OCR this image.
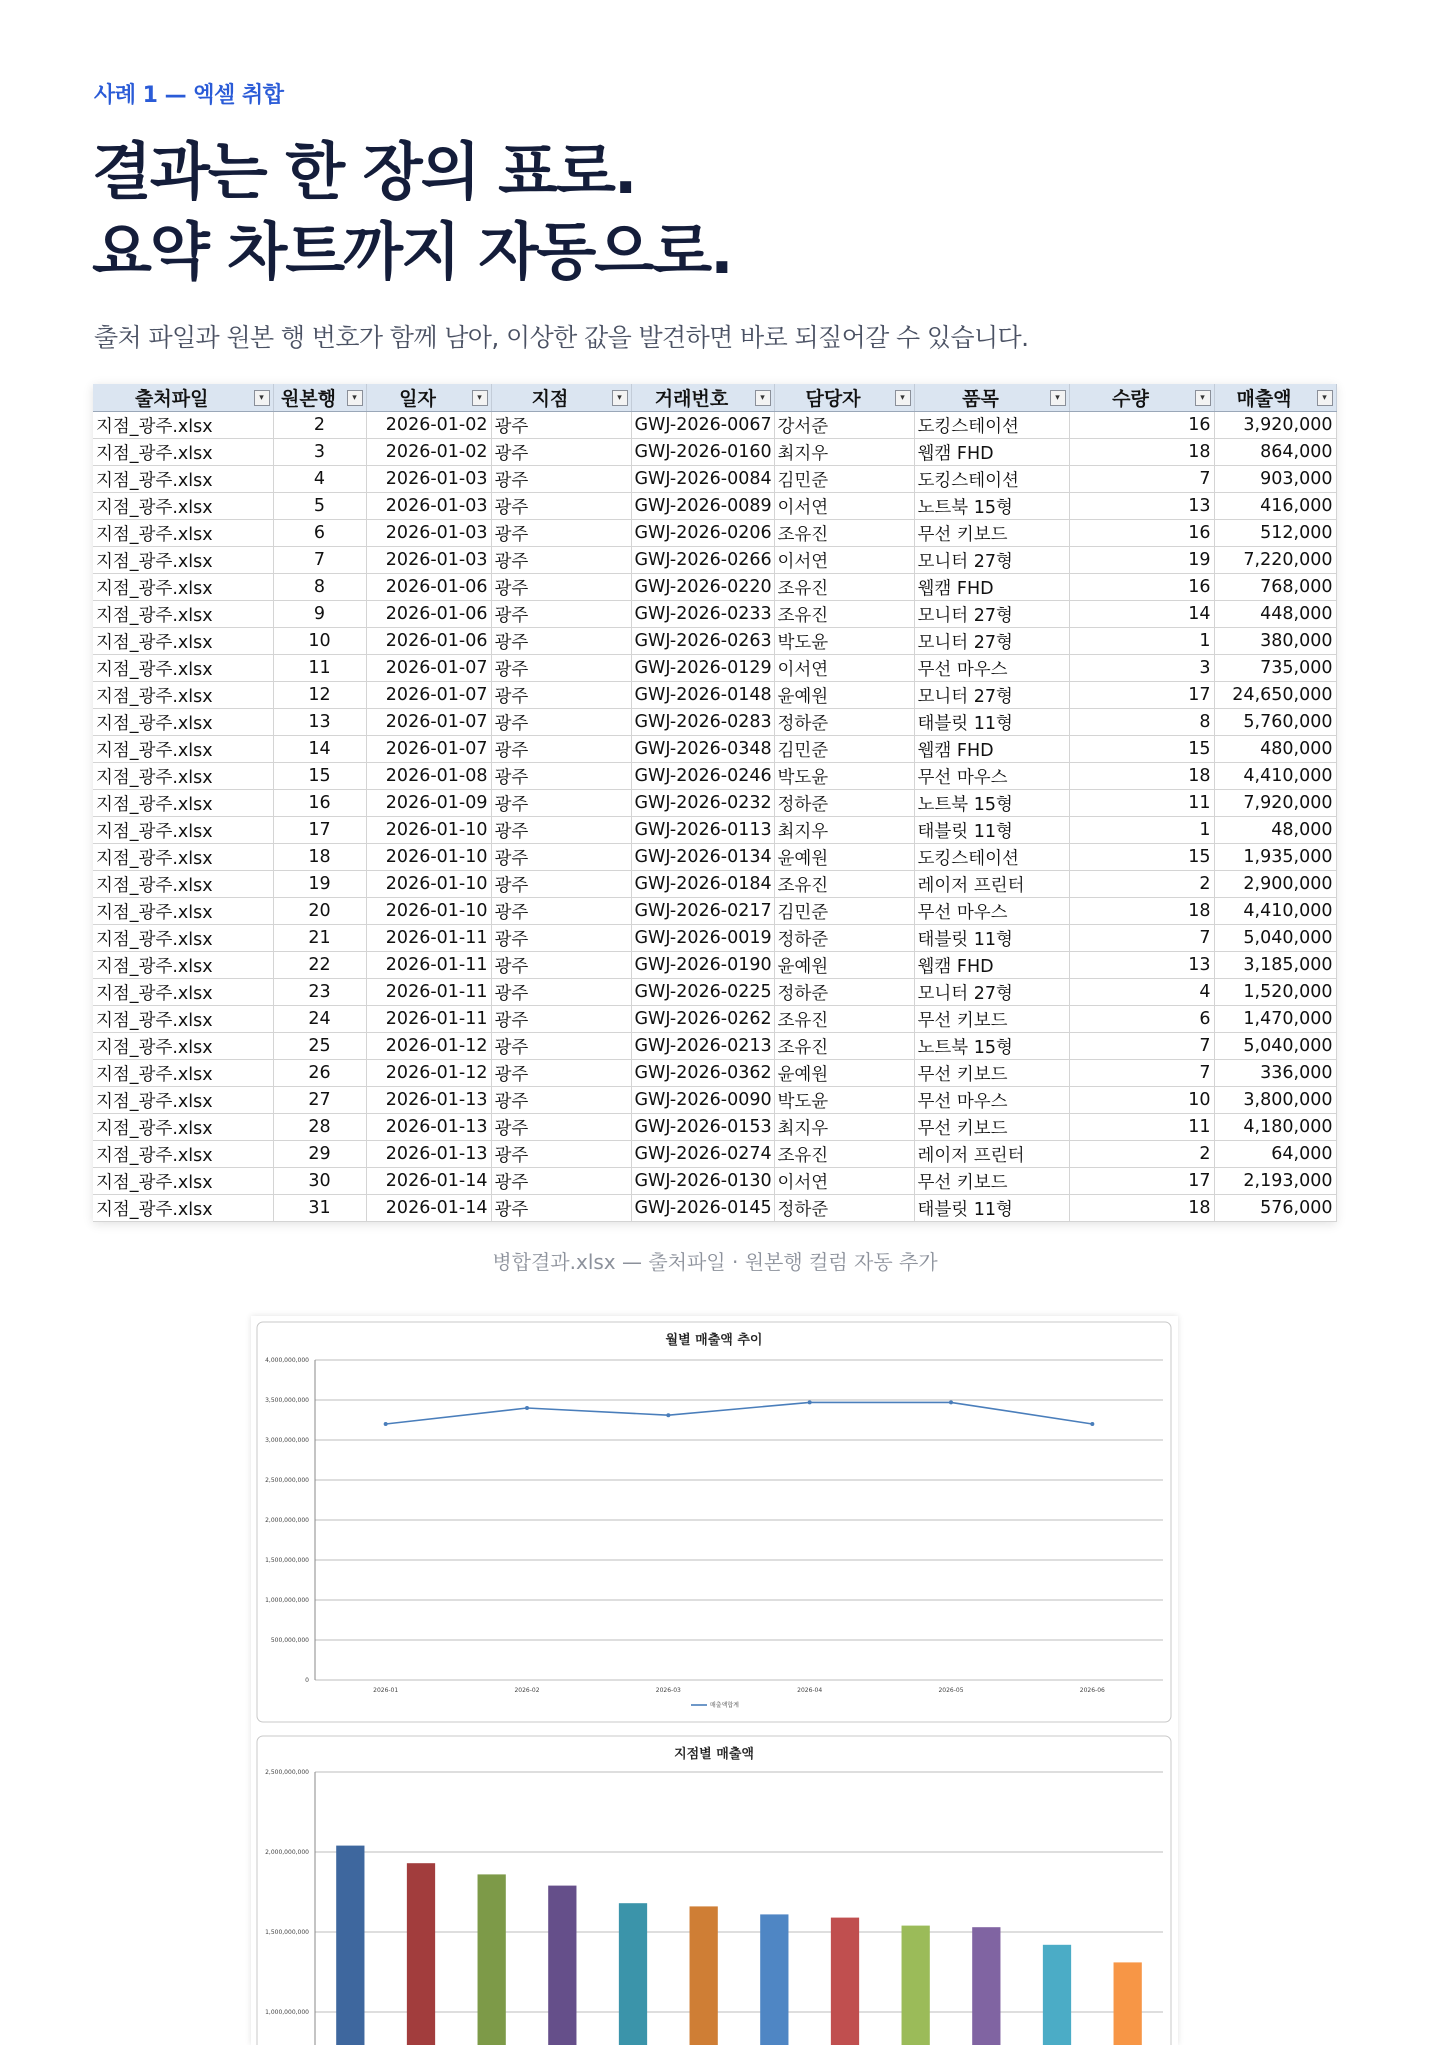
사례 1 — 엑셀 취합
결과는 한 장의 표로.
요약 차트까지 자동으로.
출처 파일과 원본 행 번호가 함께 남아, 이상한 값을 발견하면 바로 되짚어갈 수 있습니다.
출처파일 ▾	원본행 ▾	일자 ▾	지점 ▾	거래번호 ▾	담당자 ▾	품목 ▾	수량 ▾	매출액 ▾

지점_광주.xlsx	2	2026-01-02	광주	GWJ-2026-0067	강서준	도킹스테이션	16	3,920,000
지점_광주.xlsx	3	2026-01-02	광주	GWJ-2026-0160	최지우	웹캠 FHD	18	864,000
지점_광주.xlsx	4	2026-01-03	광주	GWJ-2026-0084	김민준	도킹스테이션	7	903,000
지점_광주.xlsx	5	2026-01-03	광주	GWJ-2026-0089	이서연	노트북 15형	13	416,000
지점_광주.xlsx	6	2026-01-03	광주	GWJ-2026-0206	조유진	무선 키보드	16	512,000
지점_광주.xlsx	7	2026-01-03	광주	GWJ-2026-0266	이서연	모니터 27형	19	7,220,000
지점_광주.xlsx	8	2026-01-06	광주	GWJ-2026-0220	조유진	웹캠 FHD	16	768,000
지점_광주.xlsx	9	2026-01-06	광주	GWJ-2026-0233	조유진	모니터 27형	14	448,000
지점_광주.xlsx	10	2026-01-06	광주	GWJ-2026-0263	박도윤	모니터 27형	1	380,000
지점_광주.xlsx	11	2026-01-07	광주	GWJ-2026-0129	이서연	무선 마우스	3	735,000
지점_광주.xlsx	12	2026-01-07	광주	GWJ-2026-0148	윤예원	모니터 27형	17	24,650,000
지점_광주.xlsx	13	2026-01-07	광주	GWJ-2026-0283	정하준	태블릿 11형	8	5,760,000
지점_광주.xlsx	14	2026-01-07	광주	GWJ-2026-0348	김민준	웹캠 FHD	15	480,000
지점_광주.xlsx	15	2026-01-08	광주	GWJ-2026-0246	박도윤	무선 마우스	18	4,410,000
지점_광주.xlsx	16	2026-01-09	광주	GWJ-2026-0232	정하준	노트북 15형	11	7,920,000
지점_광주.xlsx	17	2026-01-10	광주	GWJ-2026-0113	최지우	태블릿 11형	1	48,000
지점_광주.xlsx	18	2026-01-10	광주	GWJ-2026-0134	윤예원	도킹스테이션	15	1,935,000
지점_광주.xlsx	19	2026-01-10	광주	GWJ-2026-0184	조유진	레이저 프린터	2	2,900,000
지점_광주.xlsx	20	2026-01-10	광주	GWJ-2026-0217	김민준	무선 마우스	18	4,410,000
지점_광주.xlsx	21	2026-01-11	광주	GWJ-2026-0019	정하준	태블릿 11형	7	5,040,000
지점_광주.xlsx	22	2026-01-11	광주	GWJ-2026-0190	윤예원	웹캠 FHD	13	3,185,000
지점_광주.xlsx	23	2026-01-11	광주	GWJ-2026-0225	정하준	모니터 27형	4	1,520,000
지점_광주.xlsx	24	2026-01-11	광주	GWJ-2026-0262	조유진	무선 키보드	6	1,470,000
지점_광주.xlsx	25	2026-01-12	광주	GWJ-2026-0213	조유진	노트북 15형	7	5,040,000
지점_광주.xlsx	26	2026-01-12	광주	GWJ-2026-0362	윤예원	무선 키보드	7	336,000
지점_광주.xlsx	27	2026-01-13	광주	GWJ-2026-0090	박도윤	무선 마우스	10	3,800,000
지점_광주.xlsx	28	2026-01-13	광주	GWJ-2026-0153	최지우	무선 키보드	11	4,180,000
지점_광주.xlsx	29	2026-01-13	광주	GWJ-2026-0274	조유진	레이저 프린터	2	64,000
지점_광주.xlsx	30	2026-01-14	광주	GWJ-2026-0130	이서연	무선 키보드	17	2,193,000
지점_광주.xlsx	31	2026-01-14	광주	GWJ-2026-0145	정하준	태블릿 11형	18	576,000
병합결과.xlsx — 출처파일 · 원본행 컬럼 자동 추가
월별 매출액 추이
0
500,000,000
1,000,000,000
1,500,000,000
2,000,000,000
2,500,000,000
3,000,000,000
3,500,000,000
4,000,000,000
2026-01	2026-02	2026-03	2026-04	2026-05	2026-06
매출액합계
지점별 매출액
1,000,000,000
1,500,000,000
2,000,000,000
2,500,000,000
